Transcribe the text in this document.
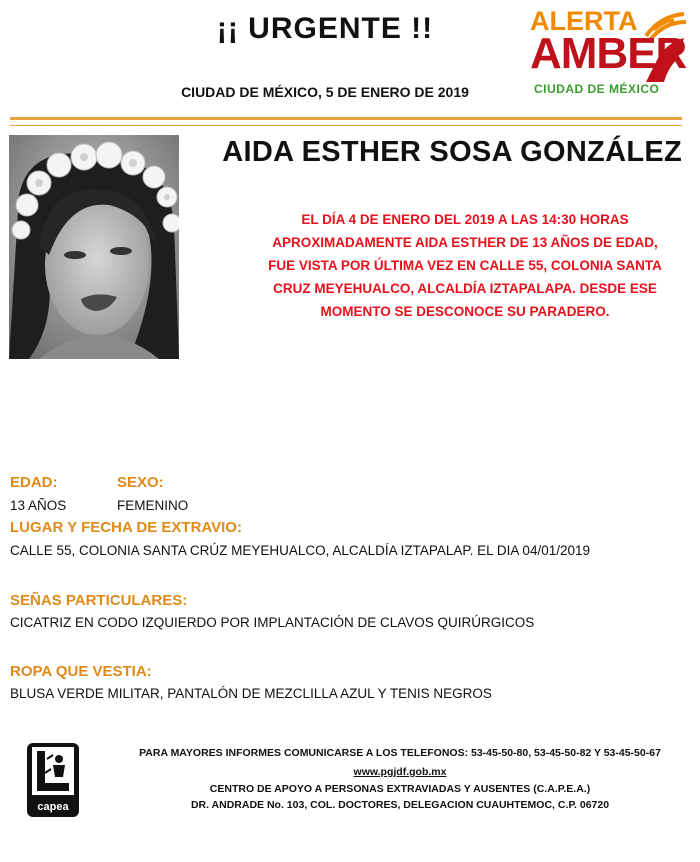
¡¡ URGENTE !!
CIUDAD DE MÉXICO, 5 DE ENERO DE 2019
ALERTA
AMBER
CIUDAD DE MÉXICO
AIDA ESTHER SOSA GONZÁLEZ
EL DÍA 4 DE ENERO DEL 2019 A LAS 14:30 HORAS
APROXIMADAMENTE AIDA ESTHER DE 13 AÑOS DE EDAD,
FUE VISTA POR ÚLTIMA VEZ EN CALLE 55, COLONIA SANTA
CRUZ MEYEHUALCO, ALCALDÍA IZTAPALAPA. DESDE ESE
MOMENTO SE DESCONOCE SU PARADERO.
EDAD:
13 AÑOS
SEXO:
FEMENINO
LUGAR Y FECHA DE EXTRAVIO:
CALLE 55, COLONIA SANTA CRÚZ MEYEHUALCO, ALCALDÍA IZTAPALAP. EL DIA 04/01/2019
SEÑAS PARTICULARES:
CICATRIZ EN CODO IZQUIERDO POR IMPLANTACIÓN DE CLAVOS QUIRÚRGICOS
ROPA QUE VESTIA:
BLUSA VERDE MILITAR, PANTALÓN DE MEZCLILLA AZUL Y TENIS NEGROS
capea
PARA MAYORES INFORMES COMUNICARSE A LOS TELEFONOS: 53-45-50-80, 53-45-50-82 Y 53-45-50-67
www.pgjdf.gob.mx
CENTRO DE APOYO A PERSONAS EXTRAVIADAS Y AUSENTES (C.A.P.E.A.)
DR. ANDRADE No. 103, COL. DOCTORES, DELEGACION CUAUHTEMOC, C.P. 06720
